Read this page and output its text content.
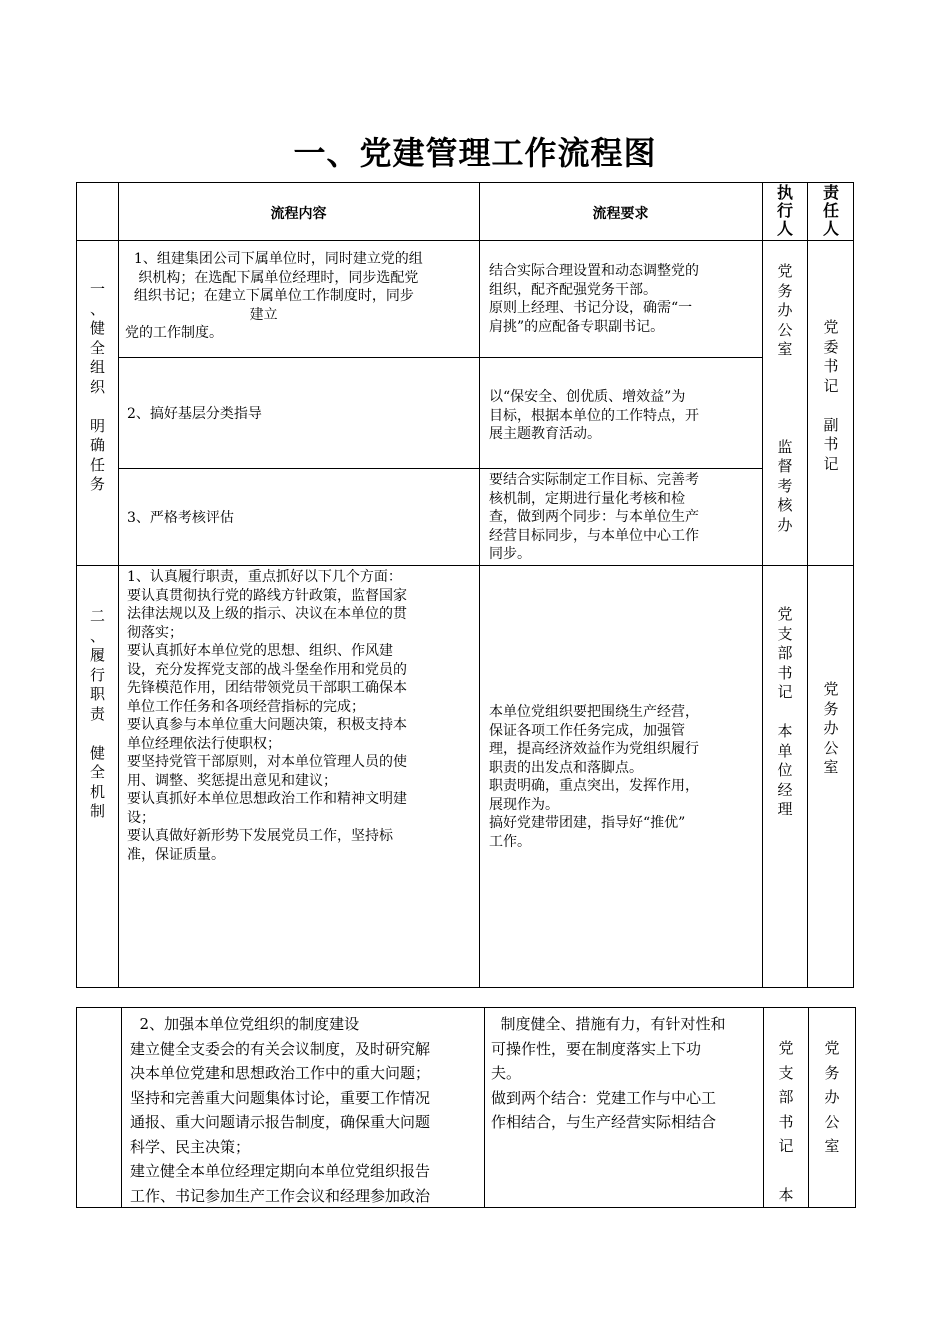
一、党建管理工作流程图
流程内容	流程要求
执
行
人
责
任
人
一
、
健
全
组
织

明
确
任
务
1、组建集团公司下属单位时，同时建立党的组
织机构；在选配下属单位经理时，同步选配党
组织书记；在建立下属单位工作制度时，同步
建立
党的工作制度。
结合实际合理设置和动态调整党的
组织，配齐配强党务干部。
原则上经理、书记分设，确需“一
肩挑”的应配备专职副书记。
2、搞好基层分类指导
以“保安全、创优质、增效益”为
目标，根据本单位的工作特点，开
展主题教育活动。
3、严格考核评估
要结合实际制定工作目标、完善考
核机制，定期进行量化考核和检
查，做到两个同步：与本单位生产
经营目标同步，与本单位中心工作
同步。
党
务
办
公
室

监
督
考
核
办
党
委
书
记

副
书
记
二
、
履
行
职
责

健
全
机
制
1、认真履行职责，重点抓好以下几个方面：
要认真贯彻执行党的路线方针政策，监督国家
法律法规以及上级的指示、决议在本单位的贯
彻落实；
要认真抓好本单位党的思想、组织、作风建
设，充分发挥党支部的战斗堡垒作用和党员的
先锋模范作用，团结带领党员干部职工确保本
单位工作任务和各项经营指标的完成；
要认真参与本单位重大问题决策，积极支持本
单位经理依法行使职权；
要坚持党管干部原则，对本单位管理人员的使
用、调整、奖惩提出意见和建议；
要认真抓好本单位思想政治工作和精神文明建
设；
要认真做好新形势下发展党员工作，坚持标
准，保证质量。
本单位党组织要把围绕生产经营，
保证各项工作任务完成，加强管
理，提高经济效益作为党组织履行
职责的出发点和落脚点。
职责明确，重点突出，发挥作用，
展现作为。
搞好党建带团建，指导好“推优”
工作。
党
支
部
书
记

本
单
位
经
理
党
务
办
公
室
2、加强本单位党组织的制度建设
建立健全支委会的有关会议制度，及时研究解
决本单位党建和思想政治工作中的重大问题；
坚持和完善重大问题集体讨论，重要工作情况
通报、重大问题请示报告制度，确保重大问题
科学、民主决策；
建立健全本单位经理定期向本单位党组织报告
工作、书记参加生产工作会议和经理参加政治
制度健全、措施有力，有针对性和
可操作性，要在制度落实上下功
夫。
做到两个结合：党建工作与中心工
作相结合，与生产经营实际相结合
党
支
部
书
记

本
党
务
办
公
室
